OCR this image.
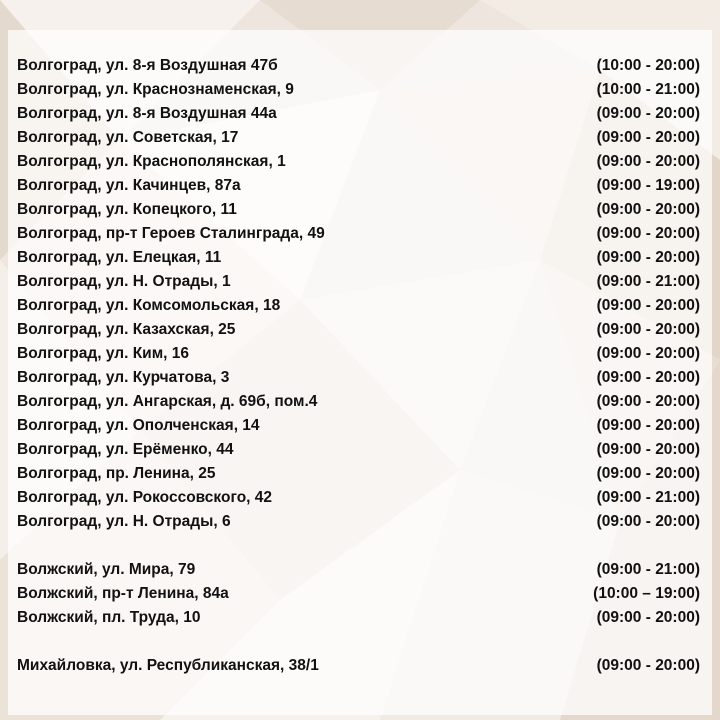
Волгоград, ул. 8-я Воздушная 47б	(10:00 - 20:00)
Волгоград, ул. Краснознаменская, 9	(10:00 - 21:00)
Волгоград, ул. 8-я Воздушная 44а	(09:00 - 20:00)
Волгоград, ул. Советская, 17	(09:00 - 20:00)
Волгоград, ул. Краснополянская, 1	(09:00 - 20:00)
Волгоград, ул. Качинцев, 87а	(09:00 - 19:00)
Волгоград, ул. Копецкого, 11	(09:00 - 20:00)
Волгоград, пр-т Героев Сталинграда, 49	(09:00 - 20:00)
Волгоград, ул. Елецкая, 11	(09:00 - 20:00)
Волгоград, ул. Н. Отрады, 1	(09:00 - 21:00)
Волгоград, ул. Комсомольская, 18	(09:00 - 20:00)
Волгоград, ул. Казахская, 25	(09:00 - 20:00)
Волгоград, ул. Ким, 16	(09:00 - 20:00)
Волгоград, ул. Курчатова, 3	(09:00 - 20:00)
Волгоград, ул. Ангарская, д. 69б, пом.4	(09:00 - 20:00)
Волгоград, ул. Ополченская, 14	(09:00 - 20:00)
Волгоград, ул. Ерёменко, 44	(09:00 - 20:00)
Волгоград, пр. Ленина, 25	(09:00 - 20:00)
Волгоград, ул. Рокоссовского, 42	(09:00 - 21:00)
Волгоград, ул. Н. Отрады, 6	(09:00 - 20:00)
Волжский, ул. Мира, 79	(09:00 - 21:00)
Волжский, пр-т Ленина, 84а	(10:00 – 19:00)
Волжский, пл. Труда, 10	(09:00 - 20:00)
Михайловка, ул. Республиканская, 38/1	(09:00 - 20:00)
